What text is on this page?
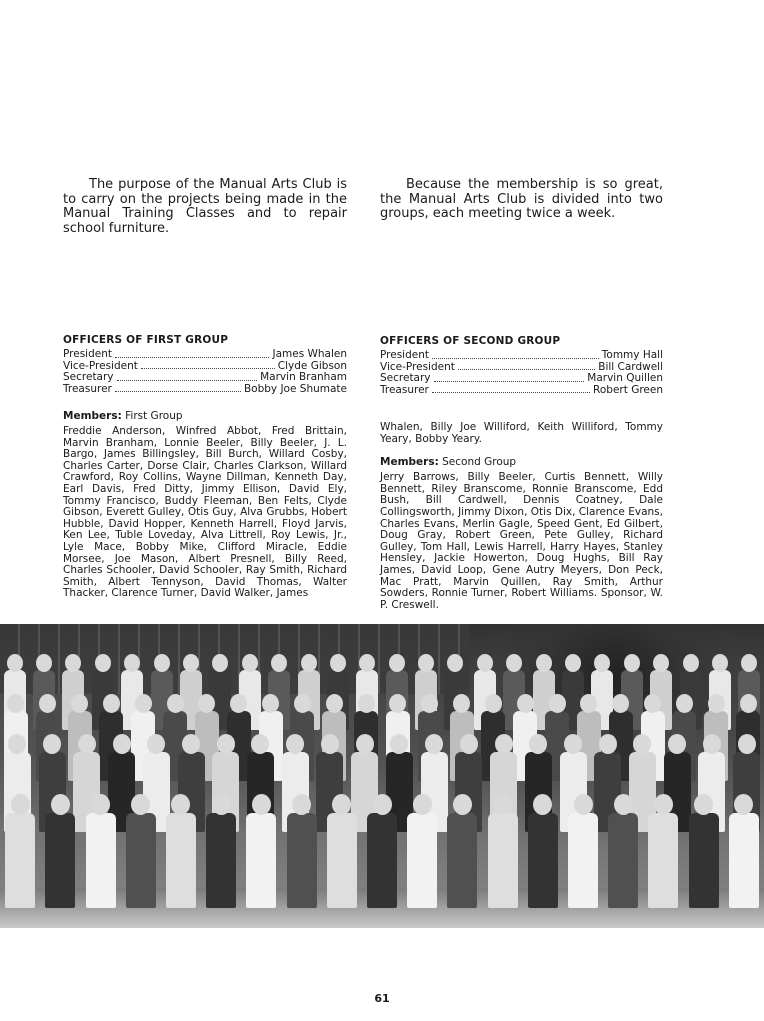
The purpose of the Manual Arts Club is to carry on the projects being made in the Manual Training Classes and to repair school furniture.
Because the membership is so great, the Manual Arts Club is divided into two groups, each meeting twice a week.
OFFICERS OF FIRST GROUP
President	James Whalen
Vice-President	Clyde Gibson
Secretary	Marvin Branham
Treasurer	Bobby Joe Shumate
Members: First Group
Freddie Anderson, Winfred Abbot, Fred Brittain, Marvin Branham, Lonnie Beeler, Billy Beeler, J. L. Bargo, James Billingsley, Bill Burch, Willard Cosby, Charles Carter, Dorse Clair, Charles Clarkson, Willard Crawford, Roy Collins, Wayne Dillman, Kenneth Day, Earl Davis, Fred Ditty, Jimmy Ellison, David Ely, Tommy Francisco, Buddy Fleeman, Ben Felts, Clyde Gibson, Everett Gulley, Otis Guy, Alva Grubbs, Hobert Hubble, David Hopper, Kenneth Harrell, Floyd Jarvis, Ken Lee, Tuble Loveday, Alva Littrell, Roy Lewis, Jr., Lyle Mace, Bobby Mike, Clifford Miracle, Eddie Morsee, Joe Mason, Albert Presnell, Billy Reed, Charles Schooler, David Schooler, Ray Smith, Richard Smith, Albert Tennyson, David Thomas, Walter Thacker, Clarence Turner, David Walker, James
OFFICERS OF SECOND GROUP
President	Tommy Hall
Vice-President	Bill Cardwell
Secretary	Marvin Quillen
Treasurer	Robert Green
Whalen, Billy Joe Williford, Keith Williford, Tommy Yeary, Bobby Yeary.
Members: Second Group
Jerry Barrows, Billy Beeler, Curtis Bennett, Willy Bennett, Riley Branscome, Ronnie Branscome, Edd Bush, Bill Cardwell, Dennis Coatney, Dale Collingsworth, Jimmy Dixon, Otis Dix, Clarence Evans, Charles Evans, Merlin Gagle, Speed Gent, Ed Gilbert, Doug Gray, Robert Green, Pete Gulley, Richard Gulley, Tom Hall, Lewis Harrell, Harry Hayes, Stanley Hensley, Jackie Howerton, Doug Hughs, Bill Ray James, David Loop, Gene Autry Meyers, Don Peck, Mac Pratt, Marvin Quillen, Ray Smith, Arthur Sowders, Ronnie Turner, Robert Williams. Sponsor, W. P. Creswell.
61
